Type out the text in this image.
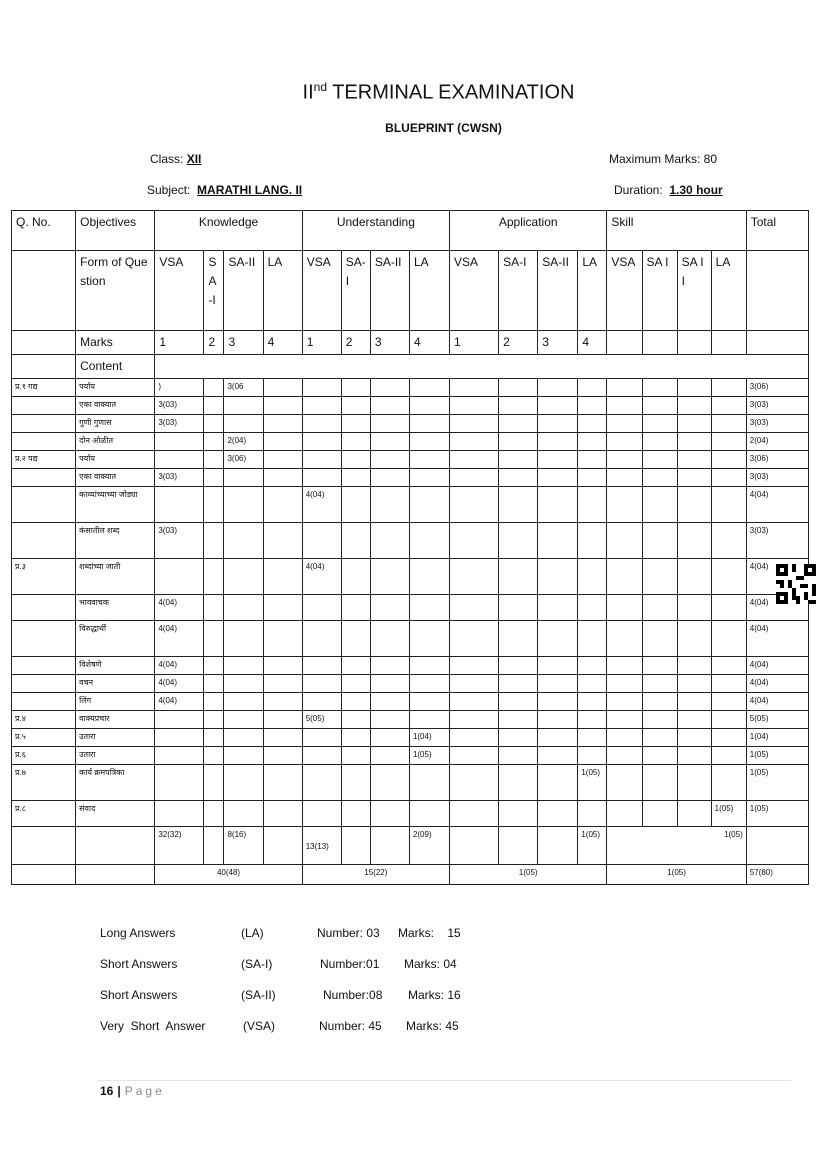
IInd TERMINAL EXAMINATION
BLUEPRINT (CWSN)
Class: XII	Maximum Marks: 80
Subject: MARATHI LANG. II	Duration: 1.30 hour
Q. No.	Objectives	Knowledge				Understanding				Application				Skill				Total
	Form of Question	VSA	SA-I	SA-II	LA	VSA	SA-I	SA-II	LA	VSA	SA-I	SA-II	LA	VSA	SA I	SA II	LA	
	Marks	1	2	3	4	1	2	3	4	1	2	3	4					
	Content																	
प्र.१ गद्य	पर्याय	)		3(06														3(06)
	एका वाक्यात	3(03)																3(03)
	गुणी गुणास	3(03)																3(03)
	दोन ओळीत			2(04)														2(04)
प्र.२ पद्य	पर्याय			3(06)														3(06)
	एका वाक्यात	3(03)																3(03)
	काव्यांच्याच्या जोड्या					4(04)												4(04)
	कंसातील शब्द	3(03)																3(03)
प्र.३	शब्दांच्या जाती					4(04)												4(04)
	भाववाचक	4(04)																4(04)
	विरुद्धार्थी	4(04)																4(04)
	विशेषणे	4(04)																4(04)
	वचन	4(04)																4(04)
	लिंग	4(04)																4(04)
प्र.४	वाक्यप्रचार					5(05)												5(05)
प्र.५	उतारा								1(04)									1(04)
प्र.६	उतारा								1(05)									1(05)
प्र.७	कार्य क्रमपत्रिका												1(05)					1(05)
प्र.८	संवाद																1(05)	1(05)
		32(32)		8(16)		13(13)			2(09)				1(05)	1(05)				
		40(48)				15(22)				1(05)				1(05)				57(80)
Long Answers	(LA)	Number: 03 Marks:    15
Short Answers	(SA-I)	Number:01 Marks: 04
Short Answers	(SA-II)	Number:08 Marks: 16
Very  Short  Answer	(VSA)	Number: 45 Marks: 45
16 | Page
